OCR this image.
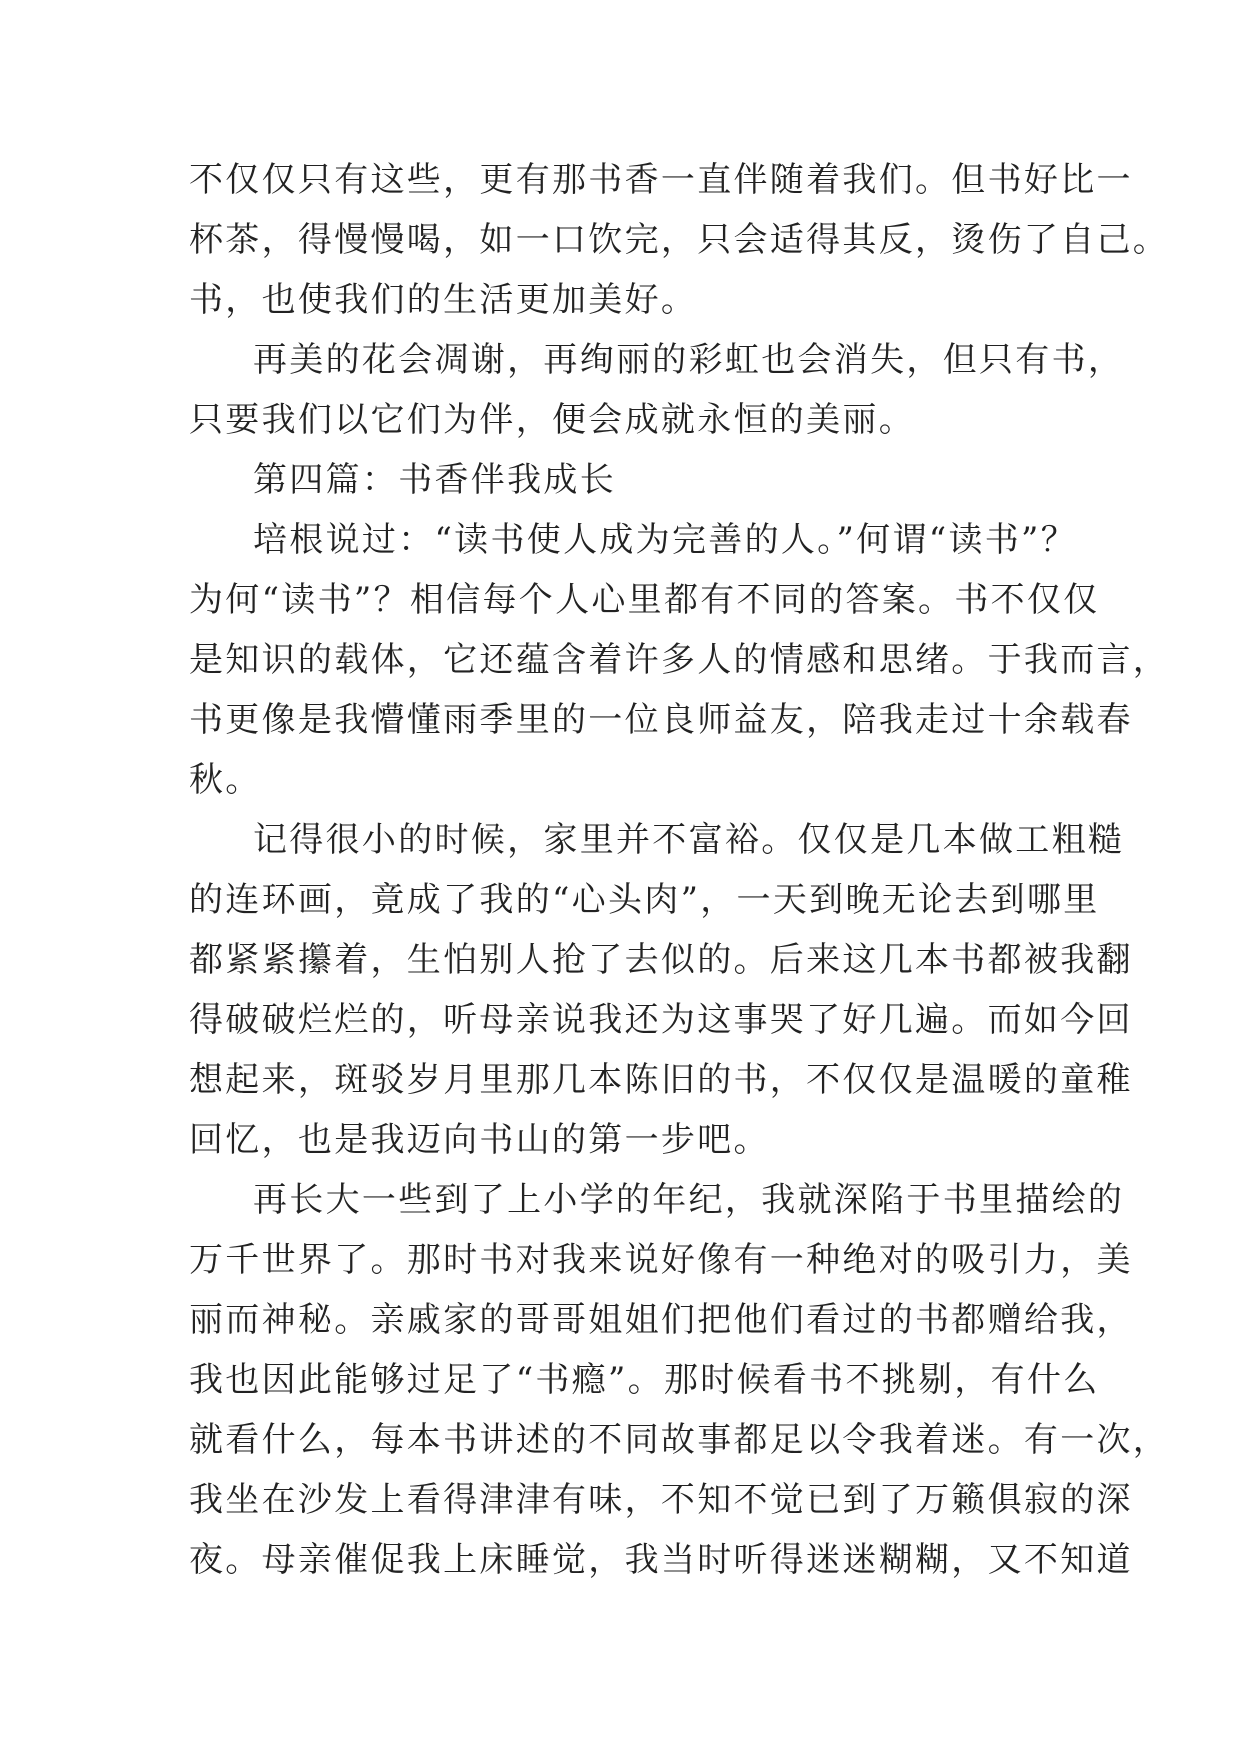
不仅仅只有这些，更有那书香一直伴随着我们。但书好比一
杯茶，得慢慢喝，如一口饮完，只会适得其反，烫伤了自己。
书，也使我们的生活更加美好。
再美的花会凋谢，再绚丽的彩虹也会消失，但只有书，
只要我们以它们为伴，便会成就永恒的美丽。
第四篇：书香伴我成长
培根说过：“读书使人成为完善的人。”何谓“读书”？
为何“读书”？相信每个人心里都有不同的答案。书不仅仅
是知识的载体，它还蕴含着许多人的情感和思绪。于我而言，
书更像是我懵懂雨季里的一位良师益友，陪我走过十余载春
秋。
记得很小的时候，家里并不富裕。仅仅是几本做工粗糙
的连环画，竟成了我的“心头肉”，一天到晚无论去到哪里
都紧紧攥着，生怕别人抢了去似的。后来这几本书都被我翻
得破破烂烂的，听母亲说我还为这事哭了好几遍。而如今回
想起来，斑驳岁月里那几本陈旧的书，不仅仅是温暖的童稚
回忆，也是我迈向书山的第一步吧。
再长大一些到了上小学的年纪，我就深陷于书里描绘的
万千世界了。那时书对我来说好像有一种绝对的吸引力，美
丽而神秘。亲戚家的哥哥姐姐们把他们看过的书都赠给我，
我也因此能够过足了“书瘾”。那时候看书不挑剔，有什么
就看什么，每本书讲述的不同故事都足以令我着迷。有一次，
我坐在沙发上看得津津有味，不知不觉已到了万籁俱寂的深
夜。母亲催促我上床睡觉，我当时听得迷迷糊糊，又不知道
